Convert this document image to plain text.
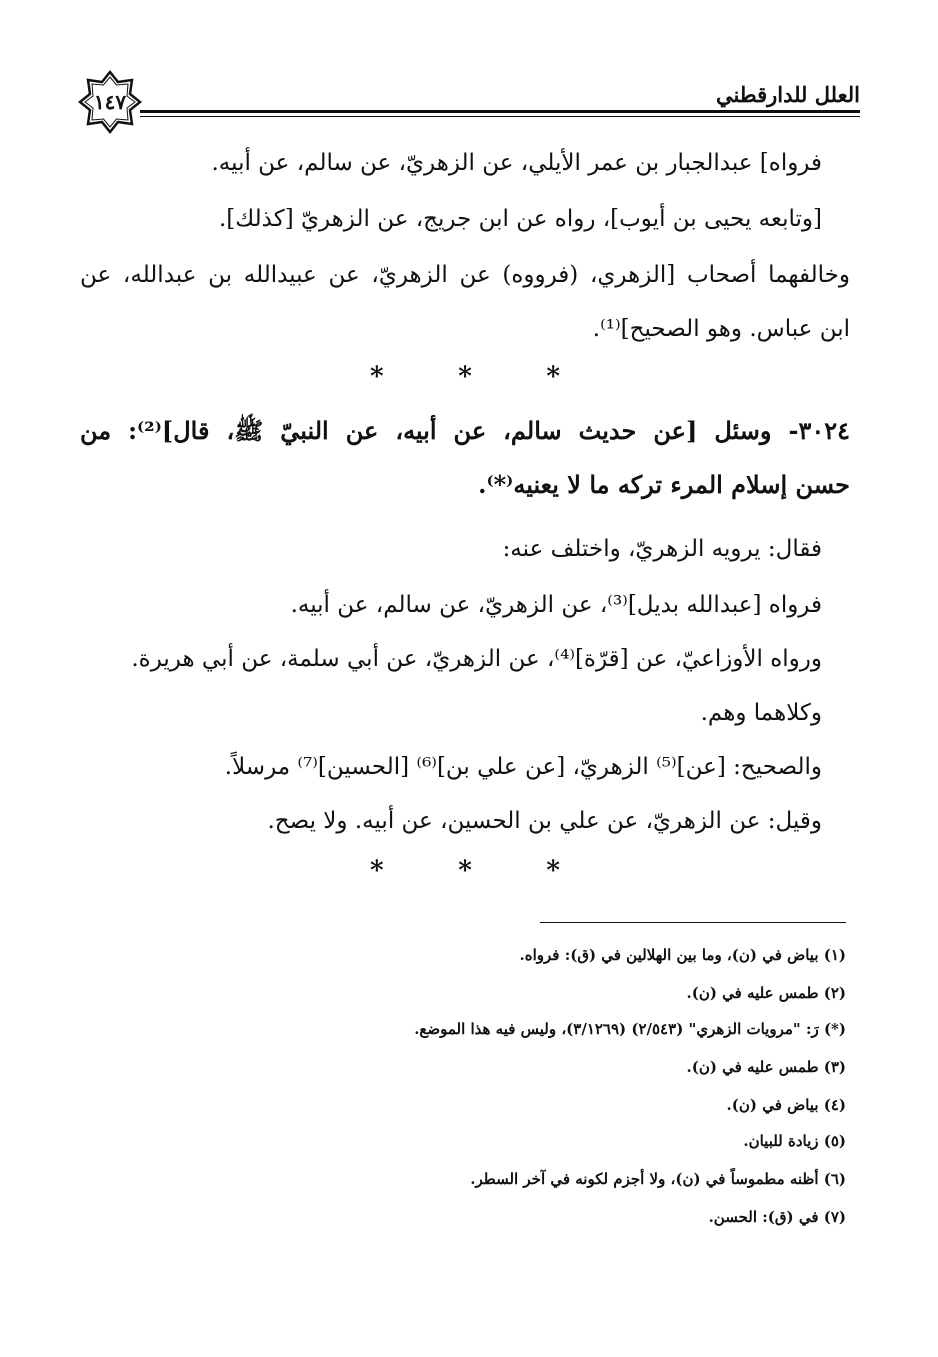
١٤٧	العلل للدارقطني
فرواه] عبدالجبار بن عمر الأيلي، عن الزهريّ، عن سالم، عن أبيه.
[وتابعه يحيى بن أيوب]، رواه عن ابن جريج، عن الزهريّ [كذلك].
وخالفهما أصحاب [الزهري، (فرووه) عن الزهريّ، عن عبيدالله بن عبدالله، عن
ابن عباس. وهو الصحيح]⁽¹⁾.
*	*	*
٣٠٢٤- وسئل [عن حديث سالم، عن أبيه، عن النبيّ ﷺ، قال]⁽²⁾: من
حسن إسلام المرء تركه ما لا يعنيه⁽*⁾.
فقال: يرويه الزهريّ، واختلف عنه:
فرواه [عبدالله بديل]⁽³⁾، عن الزهريّ، عن سالم، عن أبيه.
ورواه الأوزاعيّ، عن [قرّة]⁽⁴⁾، عن الزهريّ، عن أبي سلمة، عن أبي هريرة.
وكلاهما وهم.
والصحيح: [عن]⁽⁵⁾ الزهريّ، [عن علي بن]⁽⁶⁾ [الحسين]⁽⁷⁾ مرسلاً.
وقيل: عن الزهريّ، عن علي بن الحسين، عن أبيه. ولا يصح.
*	*	*
(١) بياض في (ن)، وما بين الهلالين في (ق): فرواه.
(٢) طمس عليه في (ن).
(*) رَ: "مرويات الزهري" (٢/٥٤٣) (٣/١٢٦٩)، وليس فيه هذا الموضع.
(٣) طمس عليه في (ن).
(٤) بياض في (ن).
(٥) زيادة للبيان.
(٦) أظنه مطموساً في (ن)، ولا أجزم لكونه في آخر السطر.
(٧) في (ق): الحسن.
